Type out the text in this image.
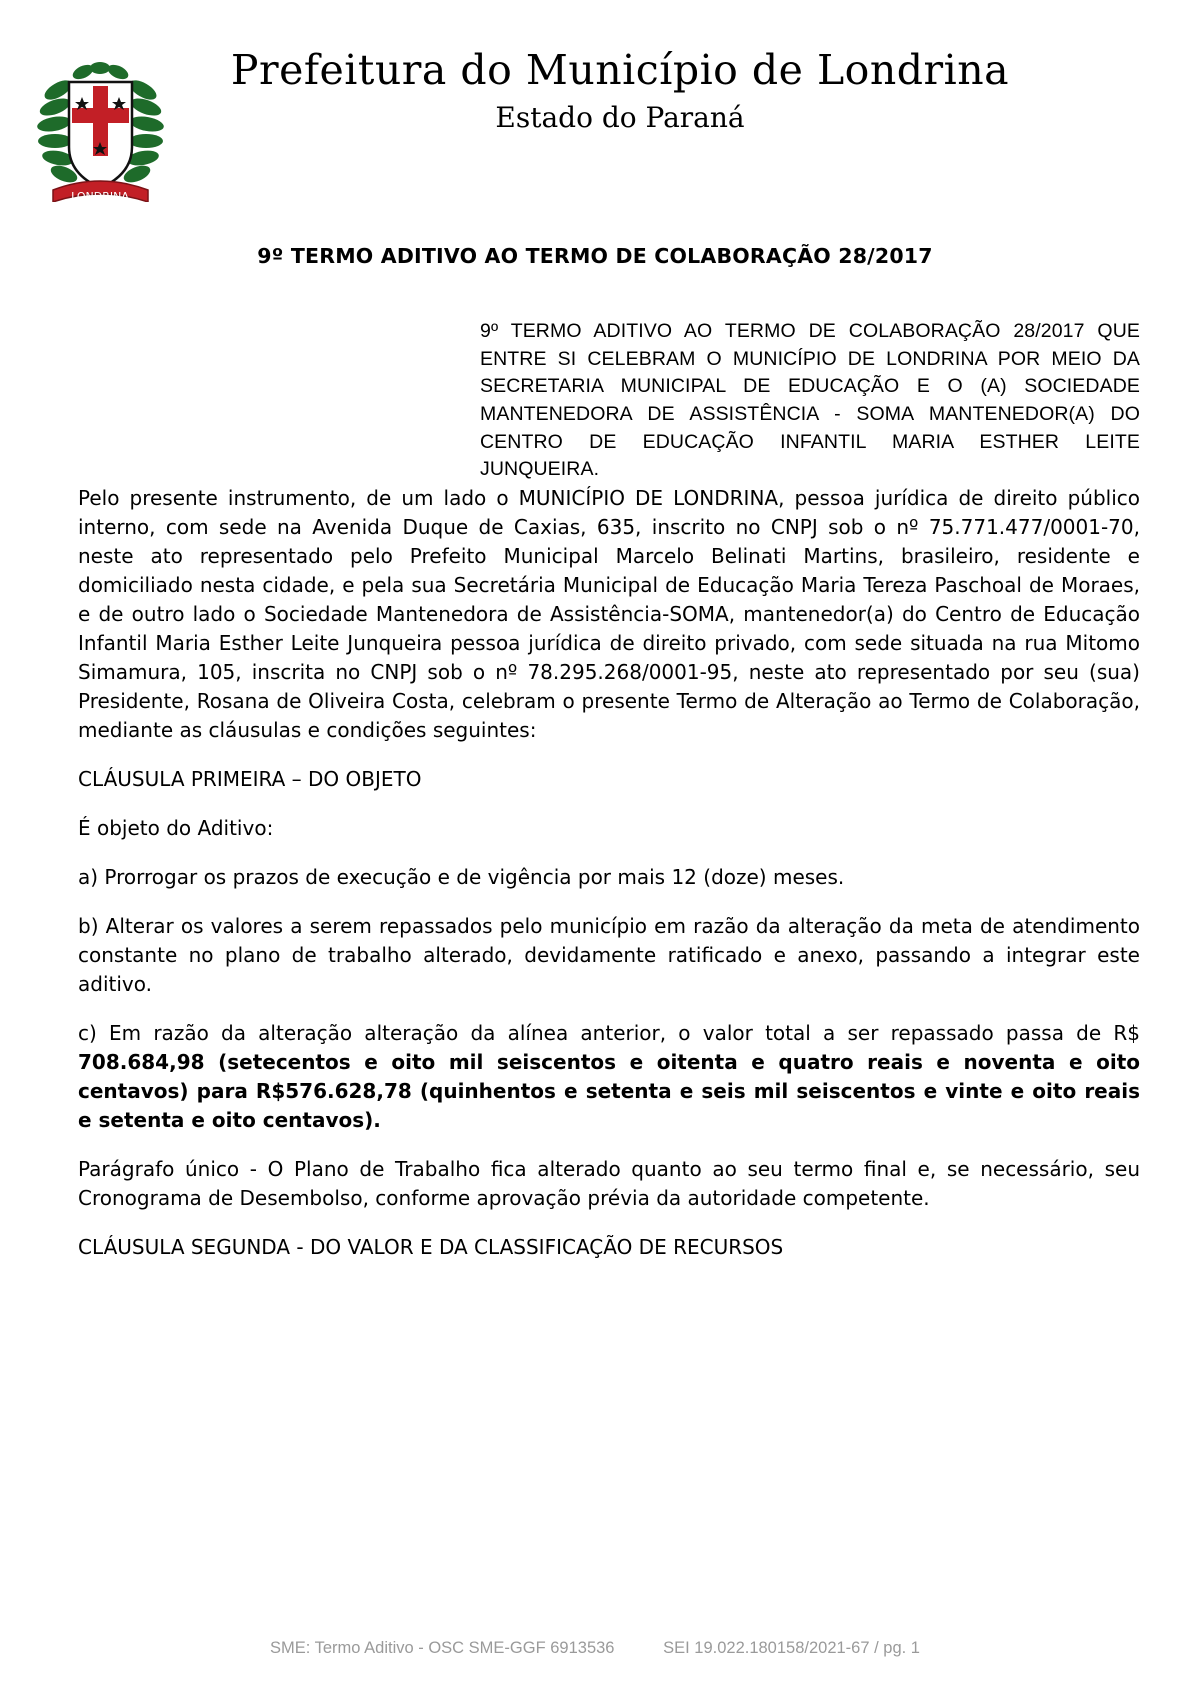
LONDRINA
Prefeitura do Município de Londrina
Estado do Paraná
9º TERMO ADITIVO AO TERMO DE COLABORAÇÃO 28/2017
9º TERMO ADITIVO AO TERMO DE COLABORAÇÃO 28/2017 QUE ENTRE SI CELEBRAM O MUNICÍPIO DE LONDRINA POR MEIO DA SECRETARIA MUNICIPAL DE EDUCAÇÃO E O (A) SOCIEDADE MANTENEDORA DE ASSISTÊNCIA - SOMA MANTENEDOR(A) DO CENTRO DE EDUCAÇÃO INFANTIL MARIA ESTHER LEITE JUNQUEIRA.

Pelo presente instrumento, de um lado o MUNICÍPIO DE LONDRINA, pessoa jurídica de direito público interno, com sede na Avenida Duque de Caxias, 635, inscrito no CNPJ sob o nº 75.771.477/0001-70, neste ato representado pelo Prefeito Municipal Marcelo Belinati Martins, brasileiro, residente e domiciliado nesta cidade, e pela sua Secretária Municipal de Educação Maria Tereza Paschoal de Moraes, e de outro lado o Sociedade Mantenedora de Assistência-SOMA, mantenedor(a) do Centro de Educação Infantil Maria Esther Leite Junqueira pessoa jurídica de direito privado, com sede situada na rua Mitomo Simamura, 105, inscrita no CNPJ sob o nº 78.295.268/0001-95, neste ato representado por seu (sua) Presidente, Rosana de Oliveira Costa, celebram o presente Termo de Alteração ao Termo de Colaboração, mediante as cláusulas e condições seguintes:

CLÁUSULA PRIMEIRA – DO OBJETO

É objeto do Aditivo:

a) Prorrogar os prazos de execução e de vigência por mais 12 (doze) meses.

b) Alterar os valores a serem repassados pelo município em razão da alteração da meta de atendimento constante no plano de trabalho alterado, devidamente ratificado e anexo, passando a integrar este aditivo.

c) Em razão da alteração alteração da alínea anterior, o valor total a ser repassado passa de R$ 708.684,98 (setecentos e oito mil seiscentos e oitenta e quatro reais e noventa e oito centavos) para R$576.628,78 (quinhentos e setenta e seis mil seiscentos e vinte e oito reais e setenta e oito centavos).

Parágrafo único - O Plano de Trabalho fica alterado quanto ao seu termo final e, se necessário, seu Cronograma de Desembolso, conforme aprovação prévia da autoridade competente.

CLÁUSULA SEGUNDA - DO VALOR E DA CLASSIFICAÇÃO DE RECURSOS

SME: Termo Aditivo - OSC SME-GGF 6913536	SEI 19.022.180158/2021-67 / pg. 1
